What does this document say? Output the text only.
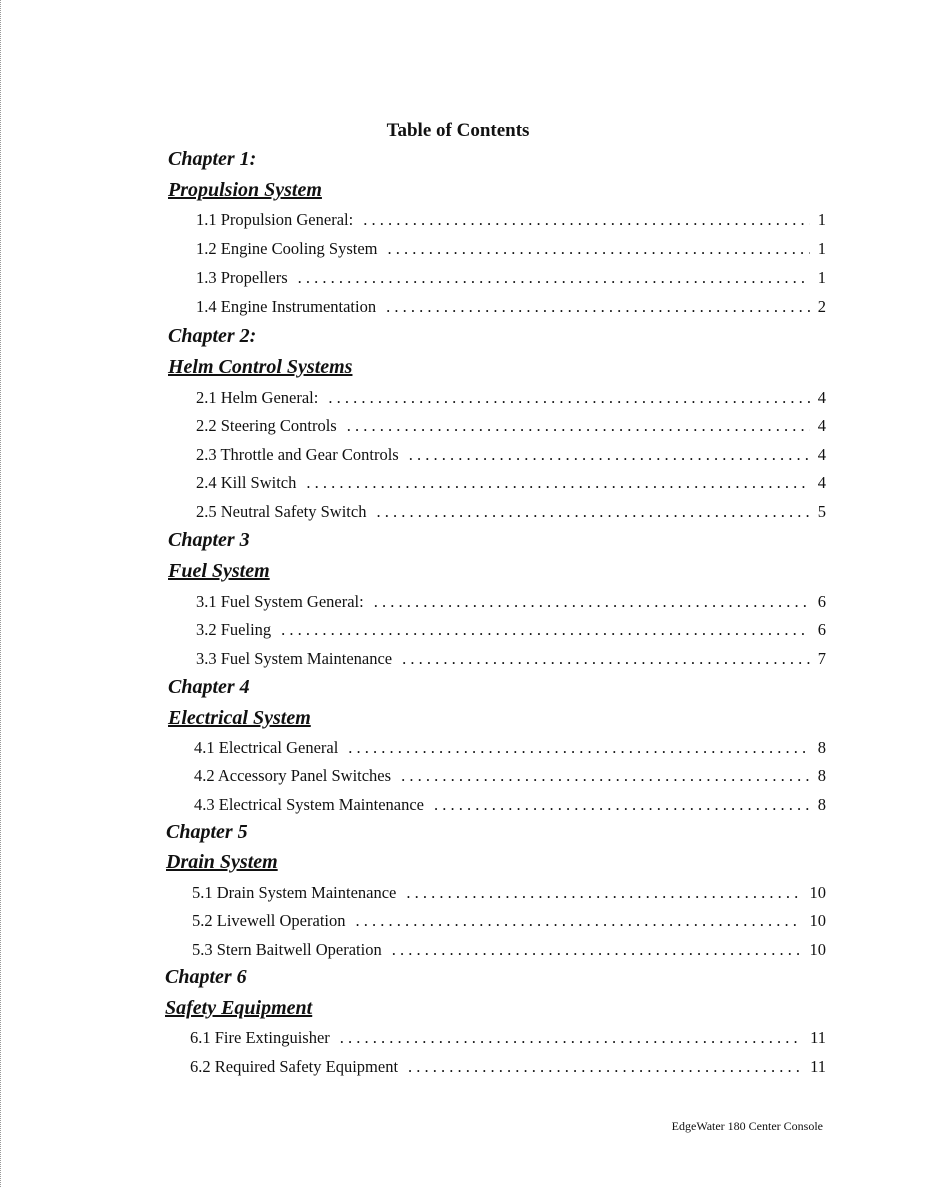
Table of Contents
Chapter 1:
Propulsion System
1.1 Propulsion General: . . .	1
1.2 Engine Cooling System . . .	1
1.3 Propellers . . .	1
1.4 Engine Instrumentation . . .	2
Chapter 2:
Helm Control Systems
2.1 Helm General: . . .	4
2.2 Steering Controls . . .	4
2.3 Throttle and Gear Controls . . .	4
2.4 Kill Switch . . .	4
2.5 Neutral Safety Switch . . .	5
Chapter 3
Fuel System
3.1 Fuel System General: . . .	6
3.2 Fueling . . .	6
3.3 Fuel System Maintenance . . .	7
Chapter 4
Electrical System
4.1 Electrical General . . .	8
4.2 Accessory Panel Switches . . .	8
4.3 Electrical System Maintenance . . .	8
Chapter 5
Drain System
5.1 Drain System Maintenance . . .	10
5.2 Livewell Operation . . .	10
5.3 Stern Baitwell Operation . . .	10
Chapter 6
Safety Equipment
6.1 Fire Extinguisher . . .	11
6.2 Required Safety Equipment . . .	11
EdgeWater 180 Center Console
